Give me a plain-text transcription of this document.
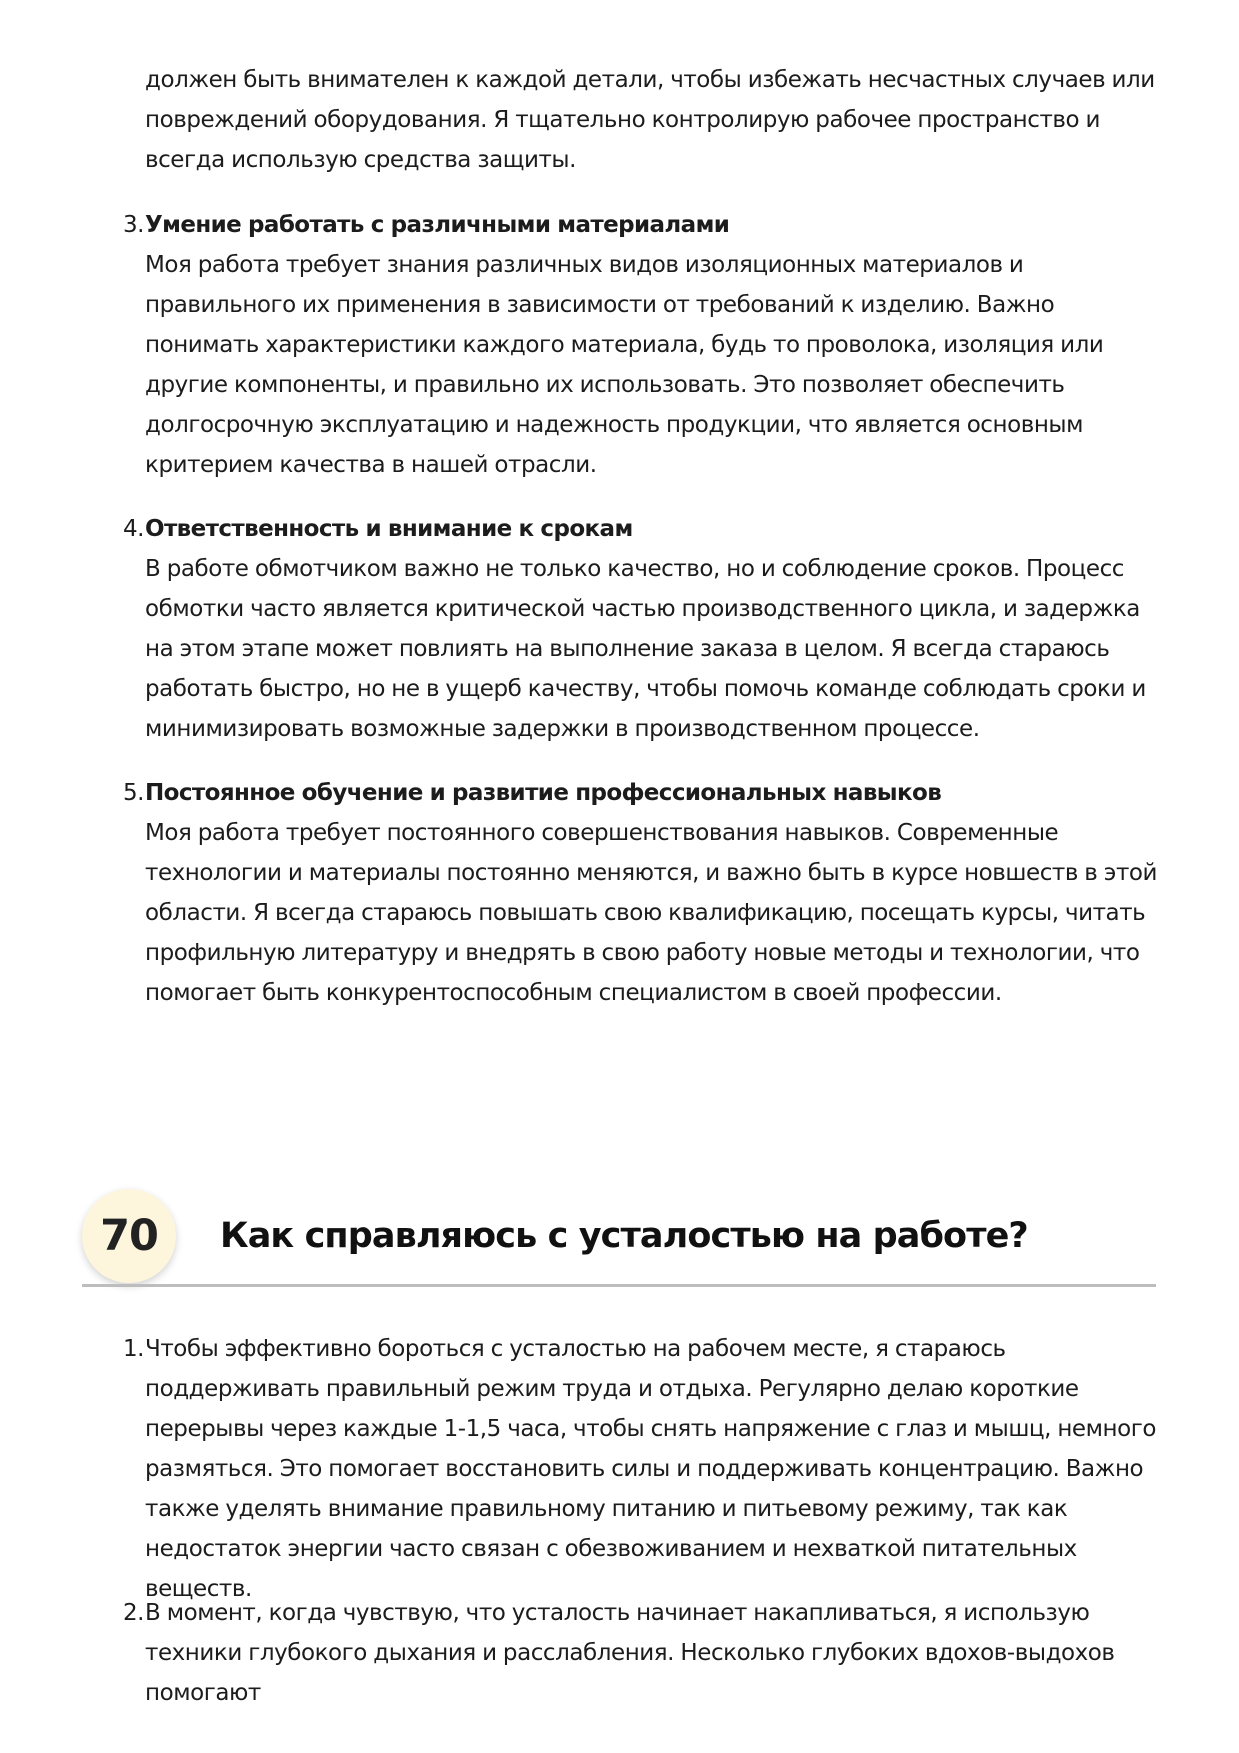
должен быть внимателен к каждой детали, чтобы избежать несчастных случаев или повреждений оборудования. Я тщательно контролирую рабочее пространство и всегда использую средства защиты.

3. Умение работать с различными материалами
Моя работа требует знания различных видов изоляционных материалов и правильного их применения в зависимости от требований к изделию. Важно понимать характеристики каждого материала, будь то проволока, изоляция или другие компоненты, и правильно их использовать. Это позволяет обеспечить долгосрочную эксплуатацию и надежность продукции, что является основным критерием качества в нашей отрасли.
4. Ответственность и внимание к срокам
В работе обмотчиком важно не только качество, но и соблюдение сроков. Процесс обмотки часто является критической частью производственного цикла, и задержка на этом этапе может повлиять на выполнение заказа в целом. Я всегда стараюсь работать быстро, но не в ущерб качеству, чтобы помочь команде соблюдать сроки и минимизировать возможные задержки в производственном процессе.
5. Постоянное обучение и развитие профессиональных навыков
Моя работа требует постоянного совершенствования навыков. Современные технологии и материалы постоянно меняются, и важно быть в курсе новшеств в этой области. Я всегда стараюсь повышать свою квалификацию, посещать курсы, читать профильную литературу и внедрять в свою работу новые методы и технологии, что помогает быть конкурентоспособным специалистом в своей профессии.
70	Как справляюсь с усталостью на работе?
1. Чтобы эффективно бороться с усталостью на рабочем месте, я стараюсь поддерживать правильный режим труда и отдыха. Регулярно делаю короткие перерывы через каждые 1-1,5 часа, чтобы снять напряжение с глаз и мышц, немного размяться. Это помогает восстановить силы и поддерживать концентрацию. Важно также уделять внимание правильному питанию и питьевому режиму, так как недостаток энергии часто связан с обезвоживанием и нехваткой питательных веществ.
2. В момент, когда чувствую, что усталость начинает накапливаться, я использую техники глубокого дыхания и расслабления. Несколько глубоких вдохов-выдохов помогают
